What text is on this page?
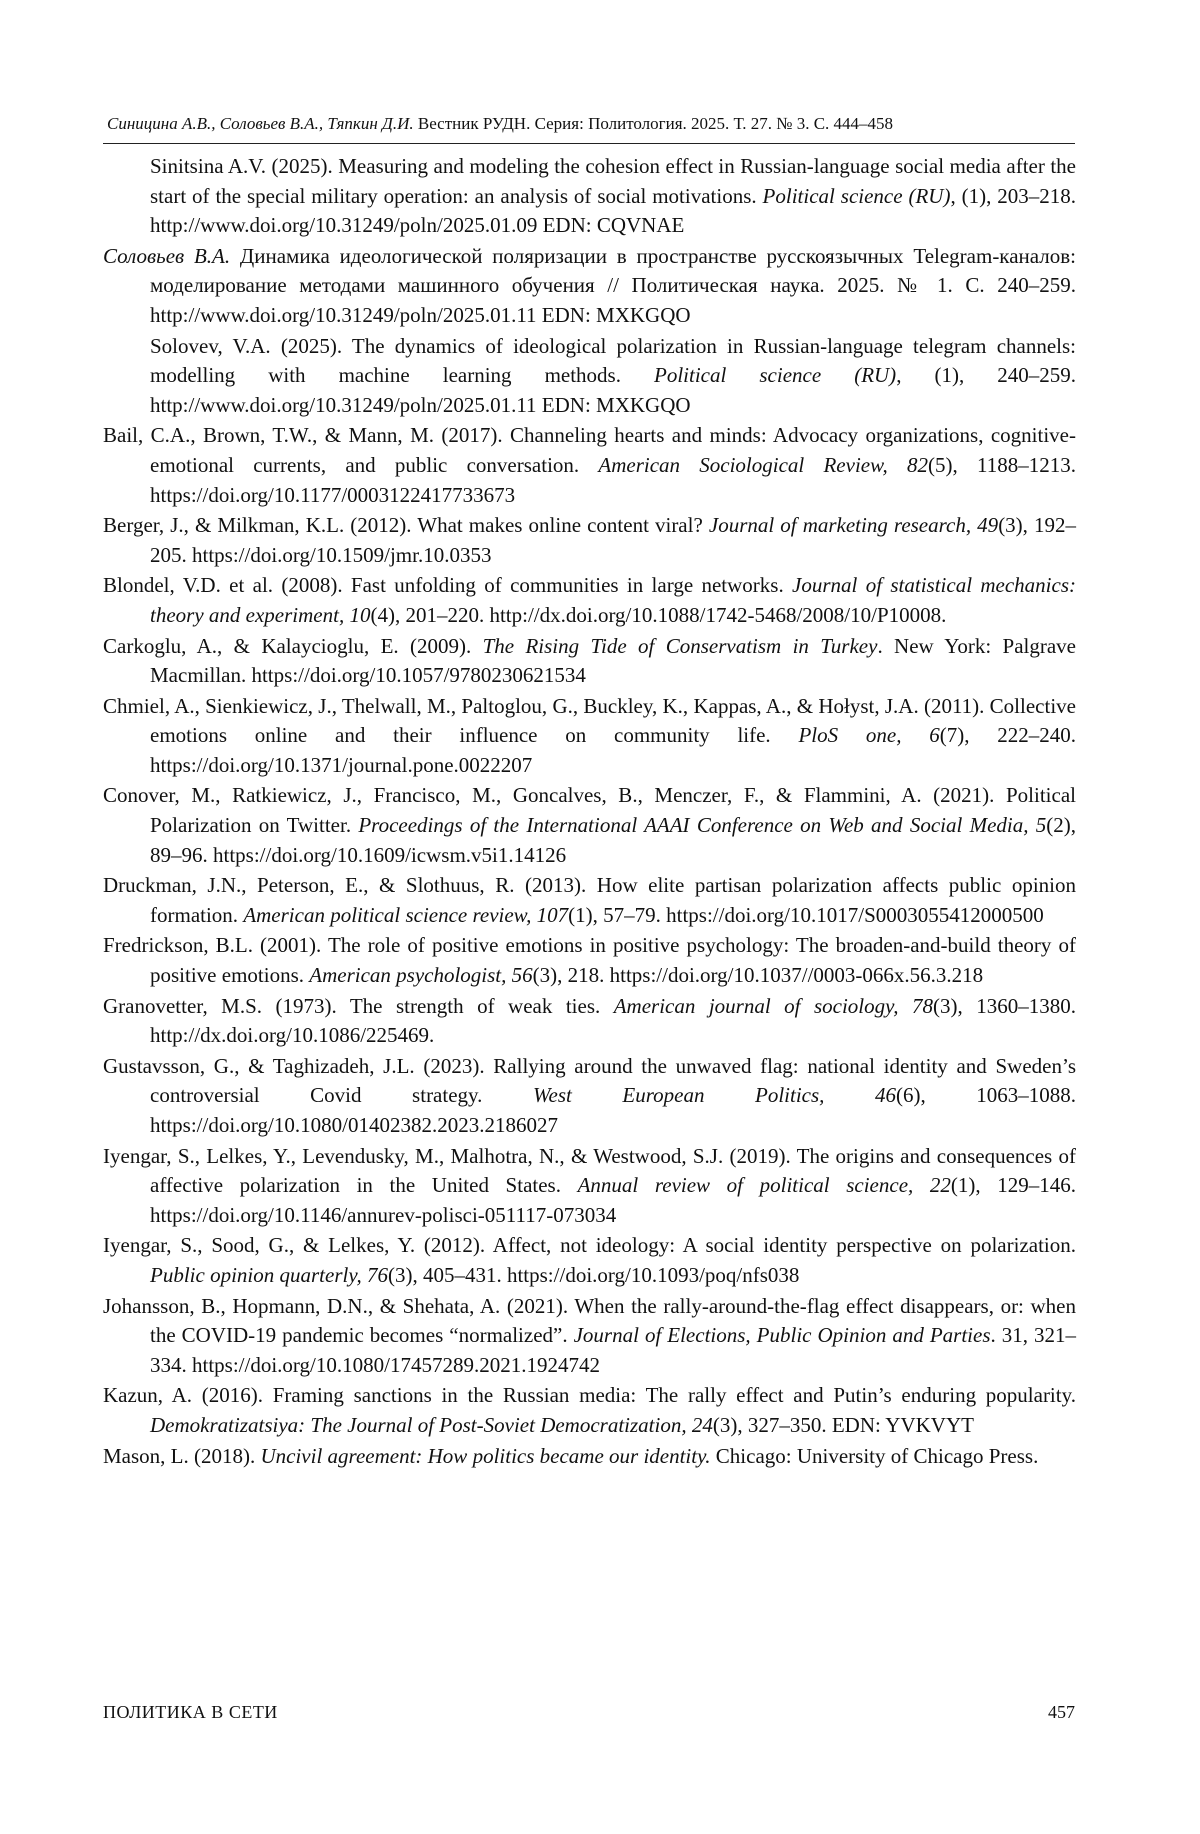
Синицина А.В., Соловьев В.А., Тяпкин Д.И. Вестник РУДН. Серия: Политология. 2025. Т. 27. № 3. С. 444–458

Sinitsina A.V. (2025). Measuring and modeling the cohesion effect in Russian-language social media after the start of the special military operation: an analysis of social motivations. Political science (RU), (1), 203–218. http://www.doi.org/10.31249/poln/2025.01.09 EDN: CQVNAE

Соловьев В.А. Динамика идеологической поляризации в пространстве русскоязычных Telegram-каналов: моделирование методами машинного обучения // Политическая наука. 2025. № 1. С. 240–259. http://www.doi.org/10.31249/poln/2025.01.11 EDN: MXKGQO

Solovev, V.A. (2025). The dynamics of ideological polarization in Russian-language telegram channels: modelling with machine learning methods. Political science (RU), (1), 240–259. http://www.doi.org/10.31249/poln/2025.01.11 EDN: MXKGQO

Bail, C.A., Brown, T.W., & Mann, M. (2017). Channeling hearts and minds: Advocacy organizations, cognitive-emotional currents, and public conversation. American Sociological Review, 82(5), 1188–1213. https://doi.org/10.1177/0003122417733673

Berger, J., & Milkman, K.L. (2012). What makes online content viral? Journal of marketing research, 49(3), 192–205. https://doi.org/10.1509/jmr.10.0353

Blondel, V.D. et al. (2008). Fast unfolding of communities in large networks. Journal of statistical mechanics: theory and experiment, 10(4), 201–220. http://dx.doi.org/10.1088/1742-5468/2008/10/P10008.

Carkoglu, A., & Kalaycioglu, E. (2009). The Rising Tide of Conservatism in Turkey. New York: Palgrave Macmillan. https://doi.org/10.1057/9780230621534

Chmiel, A., Sienkiewicz, J., Thelwall, M., Paltoglou, G., Buckley, K., Kappas, A., & Hołyst, J.A. (2011). Collective emotions online and their influence on community life. PloS one, 6(7), 222–240. https://doi.org/10.1371/journal.pone.0022207

Conover, M., Ratkiewicz, J., Francisco, M., Goncalves, B., Menczer, F., & Flammini, A. (2021). Political Polarization on Twitter. Proceedings of the International AAAI Conference on Web and Social Media, 5(2), 89–96. https://doi.org/10.1609/icwsm.v5i1.14126

Druckman, J.N., Peterson, E., & Slothuus, R. (2013). How elite partisan polarization affects public opinion formation. American political science review, 107(1), 57–79. https://doi.org/10.1017/S0003055412000500

Fredrickson, B.L. (2001). The role of positive emotions in positive psychology: The broaden-and-build theory of positive emotions. American psychologist, 56(3), 218. https://doi.org/10.1037//0003-066x.56.3.218

Granovetter, M.S. (1973). The strength of weak ties. American journal of sociology, 78(3), 1360–1380. http://dx.doi.org/10.1086/225469.

Gustavsson, G., & Taghizadeh, J.L. (2023). Rallying around the unwaved flag: national identity and Sweden’s controversial Covid strategy. West European Politics, 46(6), 1063–1088. https://doi.org/10.1080/01402382.2023.2186027

Iyengar, S., Lelkes, Y., Levendusky, M., Malhotra, N., & Westwood, S.J. (2019). The origins and consequences of affective polarization in the United States. Annual review of political science, 22(1), 129–146. https://doi.org/10.1146/annurev-polisci-051117-073034

Iyengar, S., Sood, G., & Lelkes, Y. (2012). Affect, not ideology: A social identity perspective on polarization. Public opinion quarterly, 76(3), 405–431. https://doi.org/10.1093/poq/nfs038

Johansson, B., Hopmann, D.N., & Shehata, A. (2021). When the rally-around-the-flag effect disappears, or: when the COVID-19 pandemic becomes “normalized”. Journal of Elections, Public Opinion and Parties. 31, 321–334. https://doi.org/10.1080/17457289.2021.1924742

Kazun, A. (2016). Framing sanctions in the Russian media: The rally effect and Putin’s enduring popularity. Demokratizatsiya: The Journal of Post-Soviet Democratization, 24(3), 327–350. EDN: YVKVYT

Mason, L. (2018). Uncivil agreement: How politics became our identity. Chicago: University of Chicago Press.

ПОЛИТИКА В СЕТИ	457
